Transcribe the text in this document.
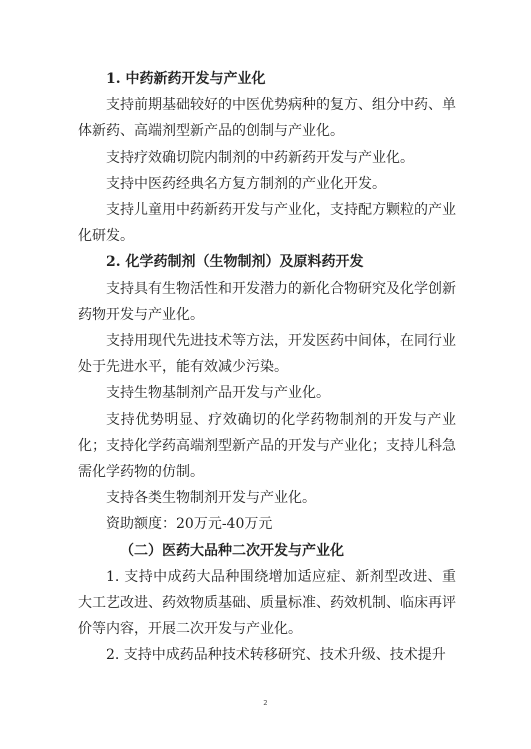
1. 中药新药开发与产业化

支持前期基础较好的中医优势病种的复方、组分中药、单体新药、高端剂型新产品的创制与产业化。

支持疗效确切院内制剂的中药新药开发与产业化。

支持中医药经典名方复方制剂的产业化开发。

支持儿童用中药新药开发与产业化，支持配方颗粒的产业化研发。

2. 化学药制剂（生物制剂）及原料药开发

支持具有生物活性和开发潜力的新化合物研究及化学创新药物开发与产业化。

支持用现代先进技术等方法，开发医药中间体，在同行业处于先进水平，能有效减少污染。

支持生物基制剂产品开发与产业化。

支持优势明显、疗效确切的化学药物制剂的开发与产业化；支持化学药高端剂型新产品的开发与产业化；支持儿科急需化学药物的仿制。

支持各类生物制剂开发与产业化。

资助额度：20万元-40万元

（二）医药大品种二次开发与产业化

1. 支持中成药大品种围绕增加适应症、新剂型改进、重大工艺改进、药效物质基础、质量标准、药效机制、临床再评价等内容，开展二次开发与产业化。

2. 支持中成药品种技术转移研究、技术升级、技术提升

2
